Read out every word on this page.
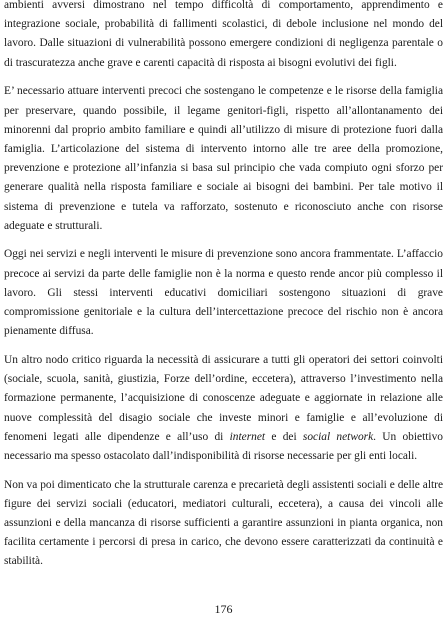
ambienti avversi dimostrano nel tempo difficoltà di comportamento, apprendimento e integrazione sociale, probabilità di fallimenti scolastici, di debole inclusione nel mondo del lavoro. Dalle situazioni di vulnerabilità possono emergere condizioni di negligenza parentale o di trascuratezza anche grave e carenti capacità di risposta ai bisogni evolutivi dei figli.

E’ necessario attuare interventi precoci che sostengano le competenze e le risorse della famiglia per preservare, quando possibile, il legame genitori-figli, rispetto all’allontanamento dei minorenni dal proprio ambito familiare e quindi all’utilizzo di misure di protezione fuori dalla famiglia. L’articolazione del sistema di intervento intorno alle tre aree della promozione, prevenzione e protezione all’infanzia si basa sul principio che vada compiuto ogni sforzo per generare qualità nella risposta familiare e sociale ai bisogni dei bambini. Per tale motivo il sistema di prevenzione e tutela va rafforzato, sostenuto e riconosciuto anche con risorse adeguate e strutturali.

Oggi nei servizi e negli interventi le misure di prevenzione sono ancora frammentate. L’affaccio precoce ai servizi da parte delle famiglie non è la norma e questo rende ancor più complesso il lavoro. Gli stessi interventi educativi domiciliari sostengono situazioni di grave compromissione genitoriale e la cultura dell’intercettazione precoce del rischio non è ancora pienamente diffusa.

Un altro nodo critico riguarda la necessità di assicurare a tutti gli operatori dei settori coinvolti (sociale, scuola, sanità, giustizia, Forze dell’ordine, eccetera), attraverso l’investimento nella formazione permanente, l’acquisizione di conoscenze adeguate e aggiornate in relazione alle nuove complessità del disagio sociale che investe minori e famiglie e all’evoluzione di fenomeni legati alle dipendenze e all’uso di internet e dei social network. Un obiettivo necessario ma spesso ostacolato dall’indisponibilità di risorse necessarie per gli enti locali.

Non va poi dimenticato che la strutturale carenza e precarietà degli assistenti sociali e delle altre figure dei servizi sociali (educatori, mediatori culturali, eccetera), a causa dei vincoli alle assunzioni e della mancanza di risorse sufficienti a garantire assunzioni in pianta organica, non facilita certamente i percorsi di presa in carico, che devono essere caratterizzati da continuità e stabilità.

176
